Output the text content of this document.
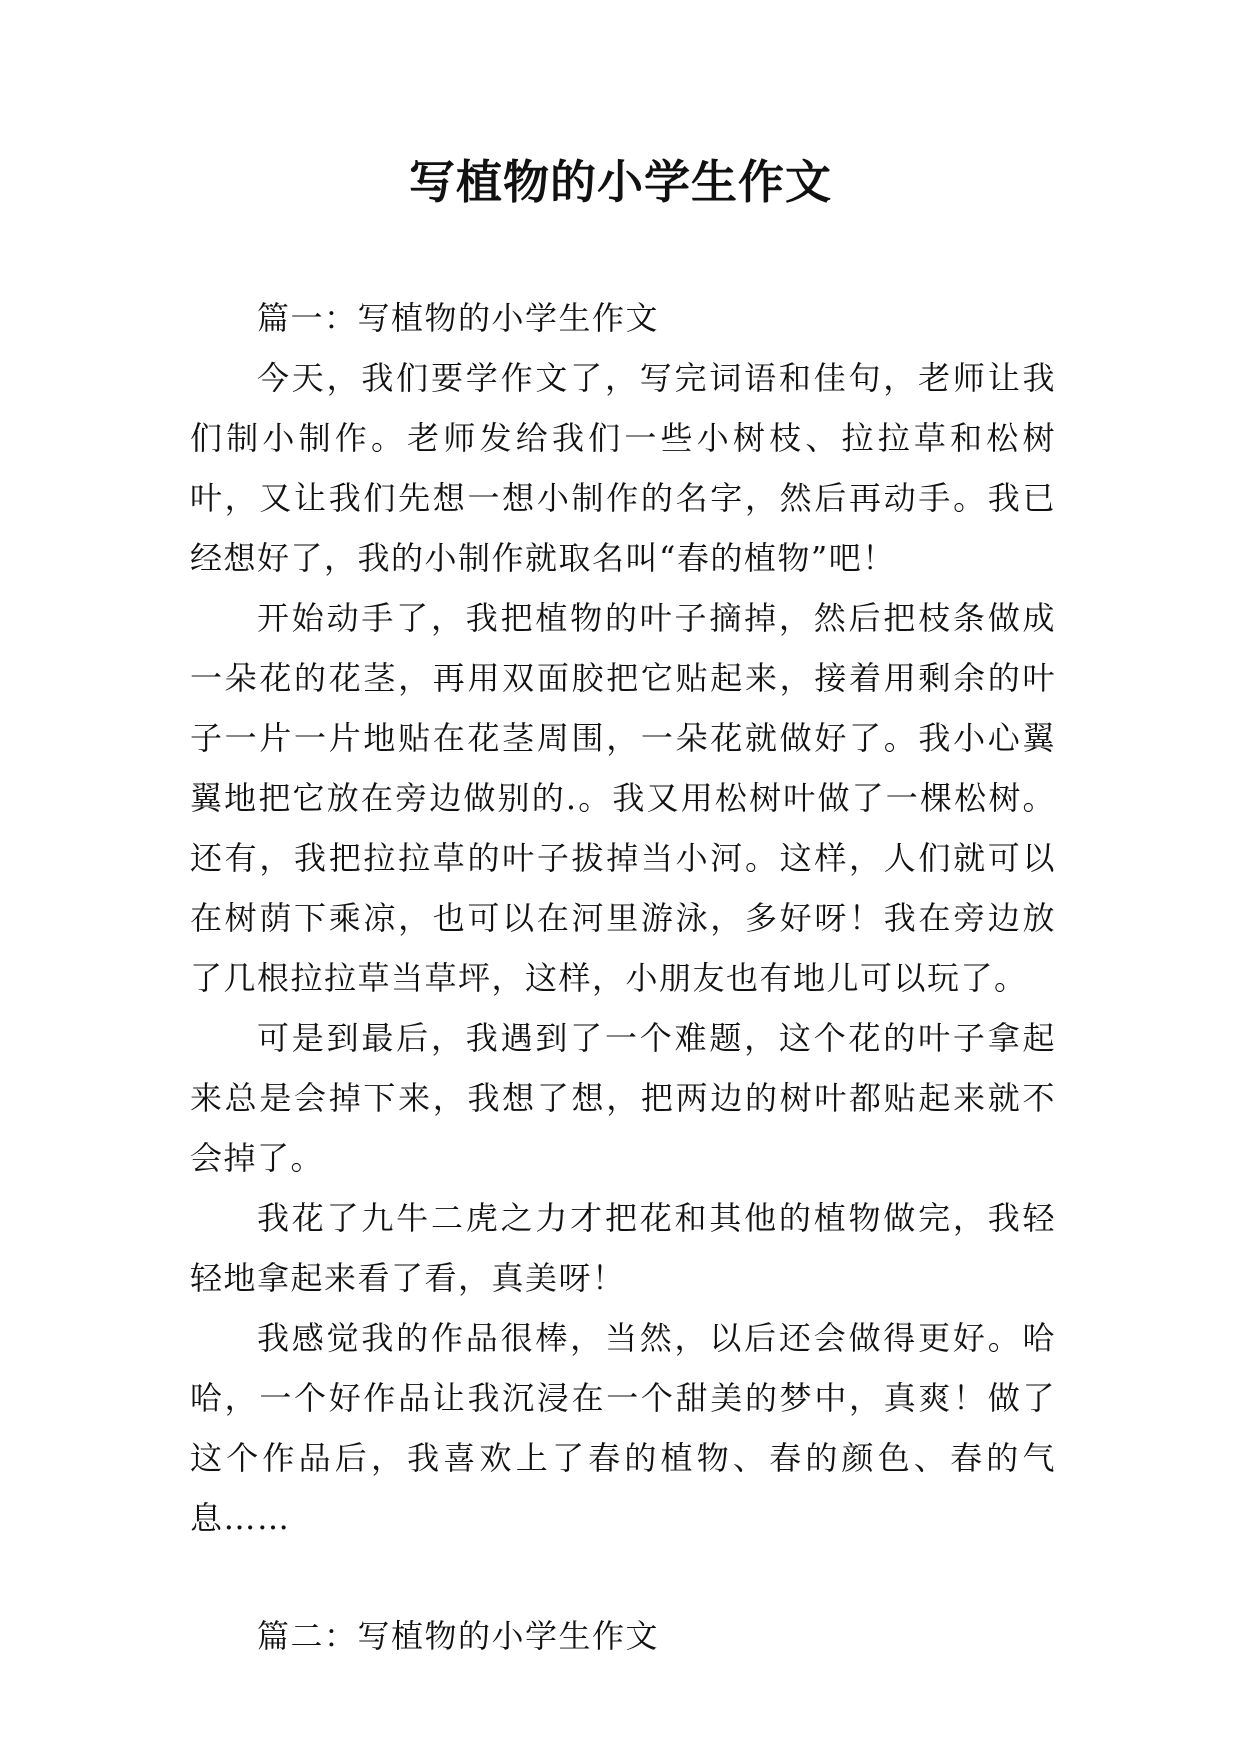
写植物的小学生作文
篇一：写植物的小学生作文

今天，我们要学作文了，写完词语和佳句，老师让我们制小制作。老师发给我们一些小树枝、拉拉草和松树叶，又让我们先想一想小制作的名字，然后再动手。我已经想好了，我的小制作就取名叫“春的植物”吧！

开始动手了，我把植物的叶子摘掉，然后把枝条做成一朵花的花茎，再用双面胶把它贴起来，接着用剩余的叶子一片一片地贴在花茎周围，一朵花就做好了。我小心翼翼地把它放在旁边做别的.。我又用松树叶做了一棵松树。还有，我把拉拉草的叶子拔掉当小河。这样，人们就可以在树荫下乘凉，也可以在河里游泳，多好呀！我在旁边放了几根拉拉草当草坪，这样，小朋友也有地儿可以玩了。

可是到最后，我遇到了一个难题，这个花的叶子拿起来总是会掉下来，我想了想，把两边的树叶都贴起来就不会掉了。

我花了九牛二虎之力才把花和其他的植物做完，我轻轻地拿起来看了看，真美呀！

我感觉我的作品很棒，当然，以后还会做得更好。哈哈，一个好作品让我沉浸在一个甜美的梦中，真爽！做了这个作品后，我喜欢上了春的植物、春的颜色、春的气息……

篇二：写植物的小学生作文
